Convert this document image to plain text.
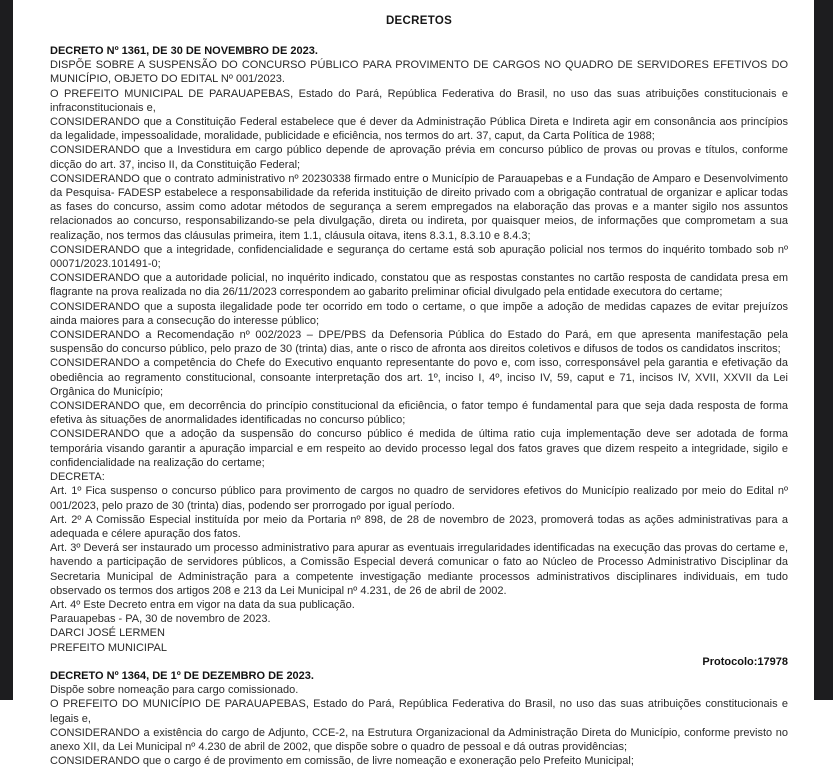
DECRETOS

DECRETO Nº 1361, DE 30 DE NOVEMBRO DE 2023.

DISPÕE SOBRE A SUSPENSÃO DO CONCURSO PÚBLICO PARA PROVIMENTO DE CARGOS NO QUADRO DE SERVIDORES EFETIVOS DO MUNICÍPIO, OBJETO DO EDITAL Nº 001/2023.

O PREFEITO MUNICIPAL DE PARAUAPEBAS, Estado do Pará, República Federativa do Brasil, no uso das suas atribuições constitucionais e infraconstitucionais e,

CONSIDERANDO que a Constituição Federal estabelece que é dever da Administração Pública Direta e Indireta agir em consonância aos princípios da legalidade, impessoalidade, moralidade, publicidade e eficiência, nos termos do art. 37, caput, da Carta Política de 1988;

CONSIDERANDO que a Investidura em cargo público depende de aprovação prévia em concurso público de provas ou provas e títulos, conforme dicção do art. 37, inciso II, da Constituição Federal;

CONSIDERANDO que o contrato administrativo nº 20230338 firmado entre o Município de Parauapebas e a Fundação de Amparo e Desenvolvimento da Pesquisa- FADESP estabelece a responsabilidade da referida instituição de direito privado com a obrigação contratual de organizar e aplicar todas as fases do concurso, assim como adotar métodos de segurança a serem empregados na elaboração das provas e a manter sigilo nos assuntos relacionados ao concurso, responsabilizando-se pela divulgação, direta ou indireta, por quaisquer meios, de informações que comprometam a sua realização, nos termos das cláusulas primeira, item 1.1, cláusula oitava, itens 8.3.1, 8.3.10 e 8.4.3;

CONSIDERANDO que a integridade, confidencialidade e segurança do certame está sob apuração policial nos termos do inquérito tombado sob nº 00071/2023.101491-0;

CONSIDERANDO que a autoridade policial, no inquérito indicado, constatou que as respostas constantes no cartão resposta de candidata presa em flagrante na prova realizada no dia 26/11/2023 correspondem ao gabarito preliminar oficial divulgado pela entidade executora do certame;

CONSIDERANDO que a suposta ilegalidade pode ter ocorrido em todo o certame, o que impõe a adoção de medidas capazes de evitar prejuízos ainda maiores para a consecução do interesse público;

CONSIDERANDO a Recomendação nº 002/2023 – DPE/PBS da Defensoria Pública do Estado do Pará, em que apresenta manifestação pela suspensão do concurso público, pelo prazo de 30 (trinta) dias, ante o risco de afronta aos direitos coletivos e difusos de todos os candidatos inscritos;

CONSIDERANDO a competência do Chefe do Executivo enquanto representante do povo e, com isso, corresponsável pela garantia e efetivação da obediência ao regramento constitucional, consoante interpretação dos art. 1º, inciso I, 4º, inciso IV, 59, caput e 71, incisos IV, XVII, XXVII da Lei Orgânica do Município;

CONSIDERANDO que, em decorrência do princípio constitucional da eficiência, o fator tempo é fundamental para que seja dada resposta de forma efetiva às situações de anormalidades identificadas no concurso público;

CONSIDERANDO que a adoção da suspensão do concurso público é medida de última ratio cuja implementação deve ser adotada de forma temporária visando garantir a apuração imparcial e em respeito ao devido processo legal dos fatos graves que dizem respeito a integridade, sigilo e confidencialidade na realização do certame;

DECRETA:

Art. 1º Fica suspenso o concurso público para provimento de cargos no quadro de servidores efetivos do Município realizado por meio do Edital nº 001/2023, pelo prazo de 30 (trinta) dias, podendo ser prorrogado por igual período.

Art. 2º A Comissão Especial instituída por meio da Portaria nº 898, de 28 de novembro de 2023, promoverá todas as ações administrativas para a adequada e célere apuração dos fatos.

Art. 3º Deverá ser instaurado um processo administrativo para apurar as eventuais irregularidades identificadas na execução das provas do certame e, havendo a participação de servidores públicos, a Comissão Especial deverá comunicar o fato ao Núcleo de Processo Administrativo Disciplinar da Secretaria Municipal de Administração para a competente investigação mediante processos administrativos disciplinares individuais, em tudo observado os termos dos artigos 208 e 213 da Lei Municipal nº 4.231, de 26 de abril de 2002.

Art. 4º Este Decreto entra em vigor na data da sua publicação.

Parauapebas - PA, 30 de novembro de 2023.

DARCI JOSÉ LERMEN

PREFEITO MUNICIPAL

Protocolo:17978

DECRETO Nº 1364, DE 1º DE DEZEMBRO DE 2023.

Dispõe sobre nomeação para cargo comissionado.

O PREFEITO DO MUNICÍPIO DE PARAUAPEBAS, Estado do Pará, República Federativa do Brasil, no uso das suas atribuições constitucionais e legais e,

CONSIDERANDO a existência do cargo de Adjunto, CCE-2, na Estrutura Organizacional da Administração Direta do Município, conforme previsto no anexo XII, da Lei Municipal nº 4.230 de abril de 2002, que dispõe sobre o quadro de pessoal e dá outras providências;

CONSIDERANDO que o cargo é de provimento em comissão, de livre nomeação e exoneração pelo Prefeito Municipal;
